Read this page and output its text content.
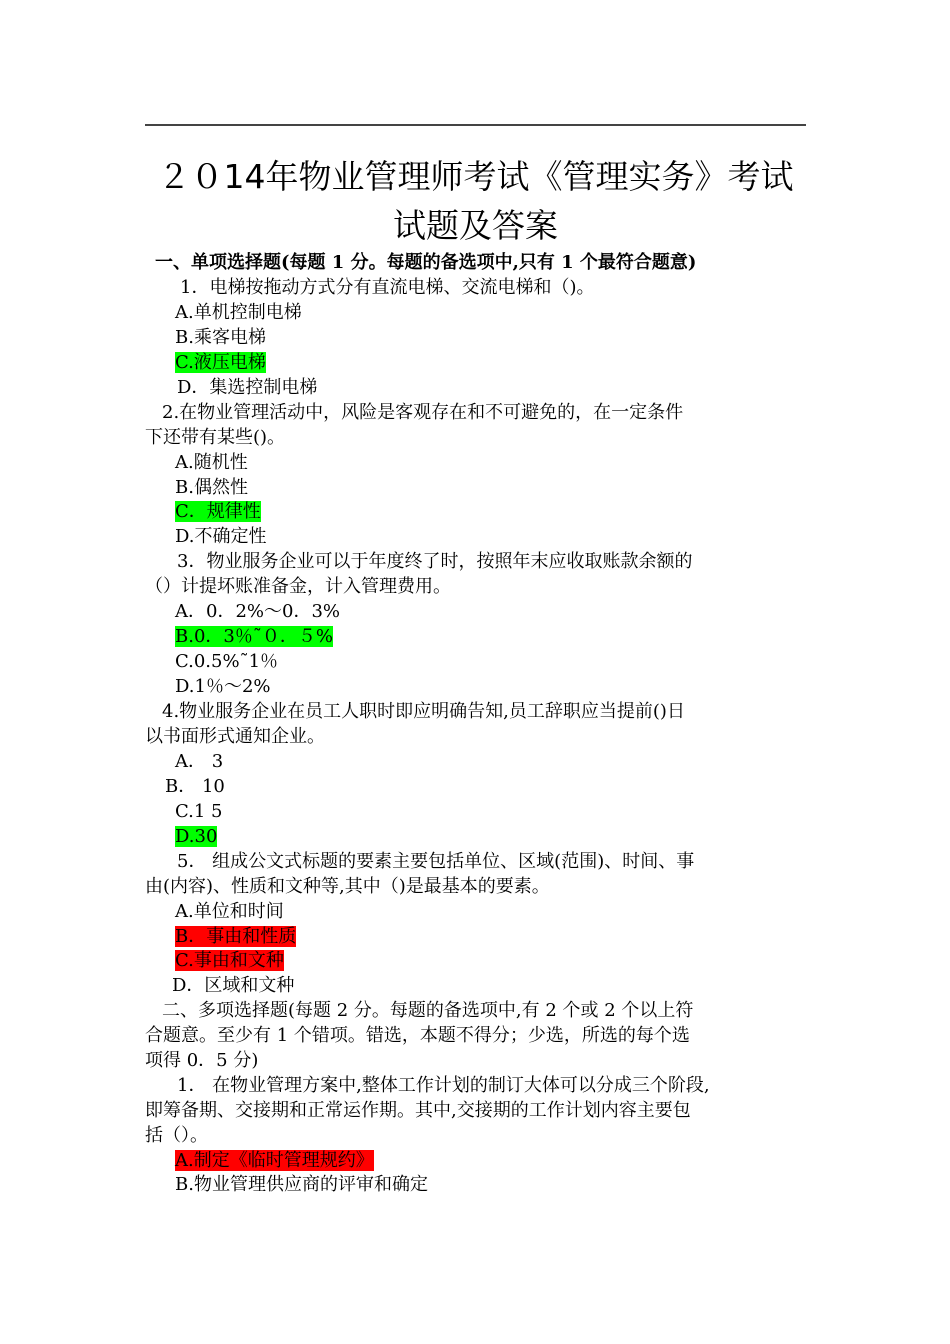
２０14年物业管理师考试《管理实务》考试
试题及答案
一、单项选择题(每题 1 分。每题的备选项中,只有 1 个最符合题意)
1．电梯按拖动方式分有直流电梯、交流电梯和（)。
A.单机控制电梯
B.乘客电梯
C.液压电梯
D．集选控制电梯
2.在物业管理活动中，风险是客观存在和不可避免的，在一定条件
下还带有某些()。
A.随机性
B.偶然性
C．规律性
D.不确定性
3．物业服务企业可以于年度终了时，按照年末应收取账款余额的
（）计提坏账准备金，计入管理费用。
A．0．2%～0．3%
B.0．3％˜０．５%
C.0.5%˜1％
D.1％～2%
4.物业服务企业在员工人职时即应明确告知,员工辞职应当提前()日
以书面形式通知企业。
A． 3
B． 10
C.1 5
D.30
5． 组成公文式标题的要素主要包括单位、区域(范围)、时间、事
由(内容)、性质和文种等,其中（)是最基本的要素。
A.单位和时间
B．事由和性质
C.事由和文种
D．区域和文种
二、多项选择题(每题 2 分。每题的备选项中,有 2 个或 2 个以上符
合题意。至少有 1 个错项。错选，本题不得分；少选，所选的每个选
项得 0．5 分)
1． 在物业管理方案中,整体工作计划的制订大体可以分成三个阶段,
即筹备期、交接期和正常运作期。其中,交接期的工作计划内容主要包
括（）。
A.制定《临时管理规约》
B.物业管理供应商的评审和确定
